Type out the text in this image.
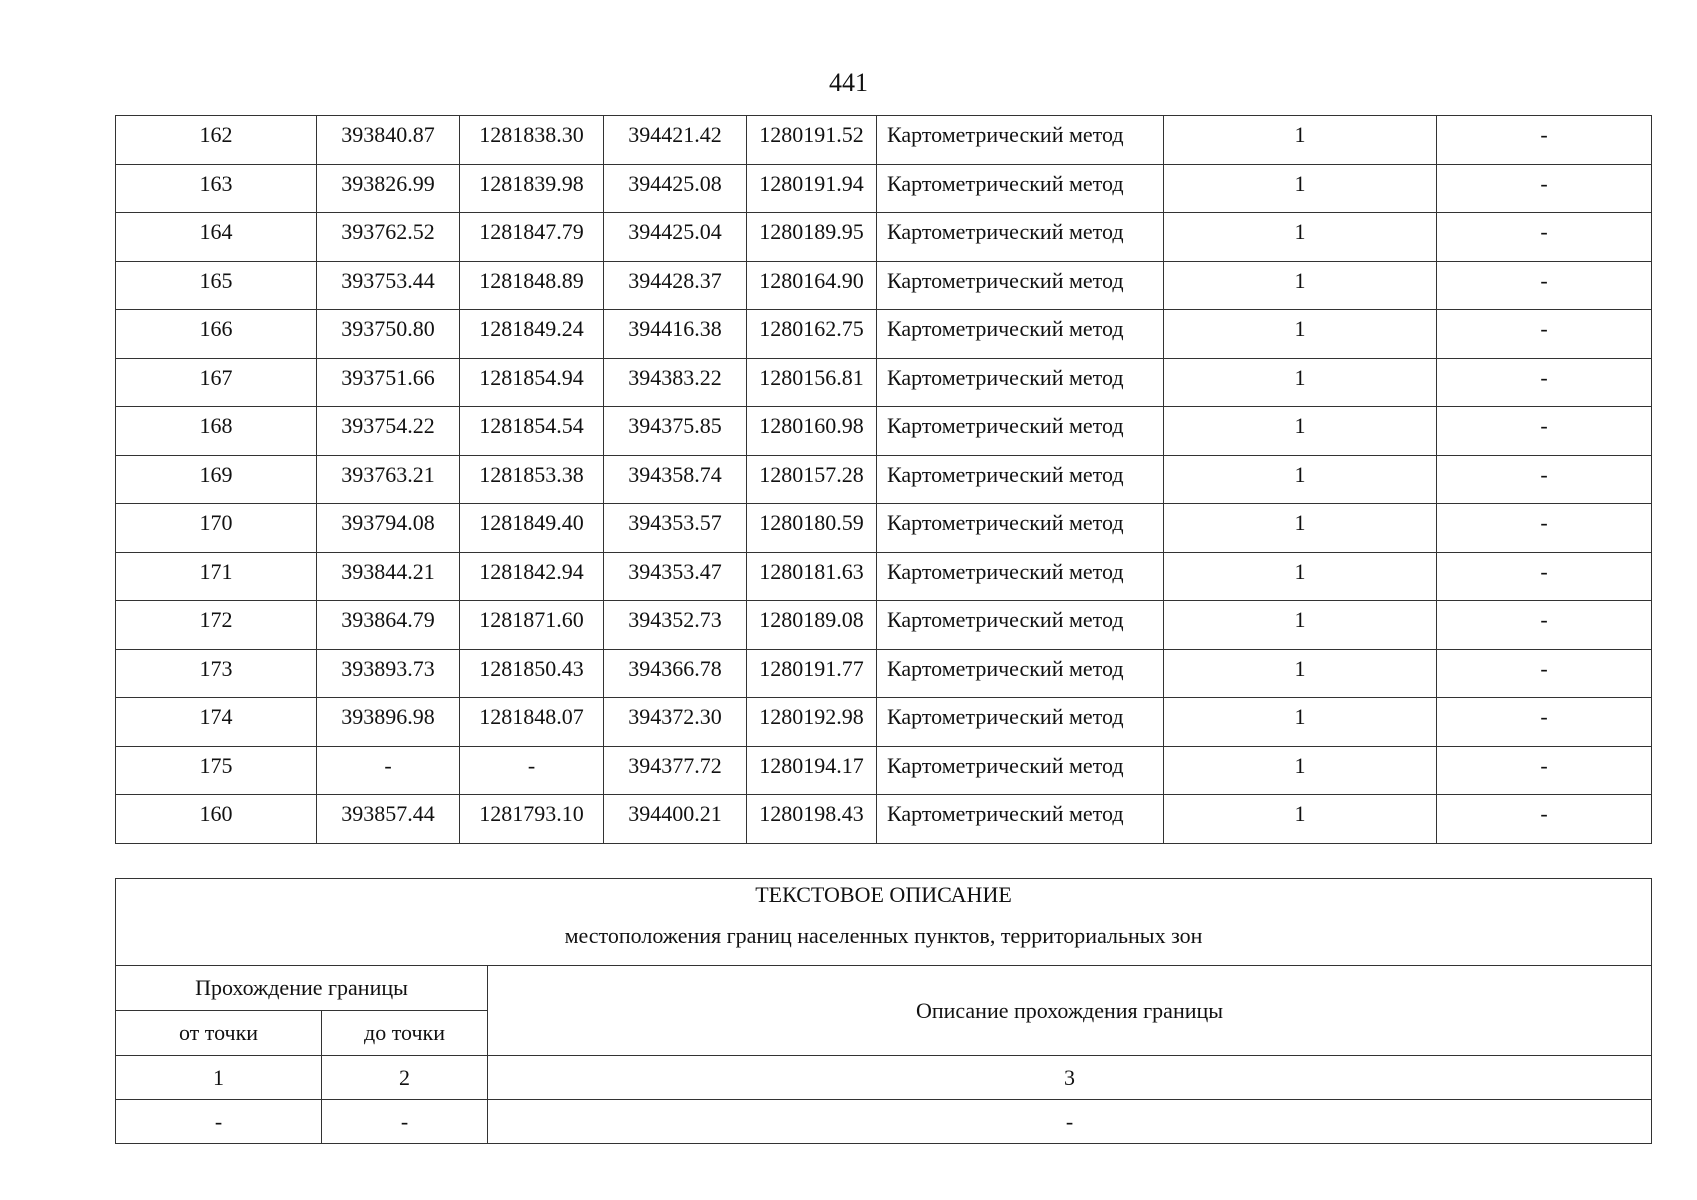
441
162	393840.87	1281838.30	394421.42	1280191.52	Картометрический метод	1	-
163	393826.99	1281839.98	394425.08	1280191.94	Картометрический метод	1	-
164	393762.52	1281847.79	394425.04	1280189.95	Картометрический метод	1	-
165	393753.44	1281848.89	394428.37	1280164.90	Картометрический метод	1	-
166	393750.80	1281849.24	394416.38	1280162.75	Картометрический метод	1	-
167	393751.66	1281854.94	394383.22	1280156.81	Картометрический метод	1	-
168	393754.22	1281854.54	394375.85	1280160.98	Картометрический метод	1	-
169	393763.21	1281853.38	394358.74	1280157.28	Картометрический метод	1	-
170	393794.08	1281849.40	394353.57	1280180.59	Картометрический метод	1	-
171	393844.21	1281842.94	394353.47	1280181.63	Картометрический метод	1	-
172	393864.79	1281871.60	394352.73	1280189.08	Картометрический метод	1	-
173	393893.73	1281850.43	394366.78	1280191.77	Картометрический метод	1	-
174	393896.98	1281848.07	394372.30	1280192.98	Картометрический метод	1	-
175	-	-	394377.72	1280194.17	Картометрический метод	1	-
160	393857.44	1281793.10	394400.21	1280198.43	Картометрический метод	1	-
ТЕКСТОВОЕ ОПИСАНИЕ
местоположения границ населенных пунктов, территориальных зон		

Прохождение границы		Описание прохождения границы
от точки	до точки	
1	2	3
-	-	-
